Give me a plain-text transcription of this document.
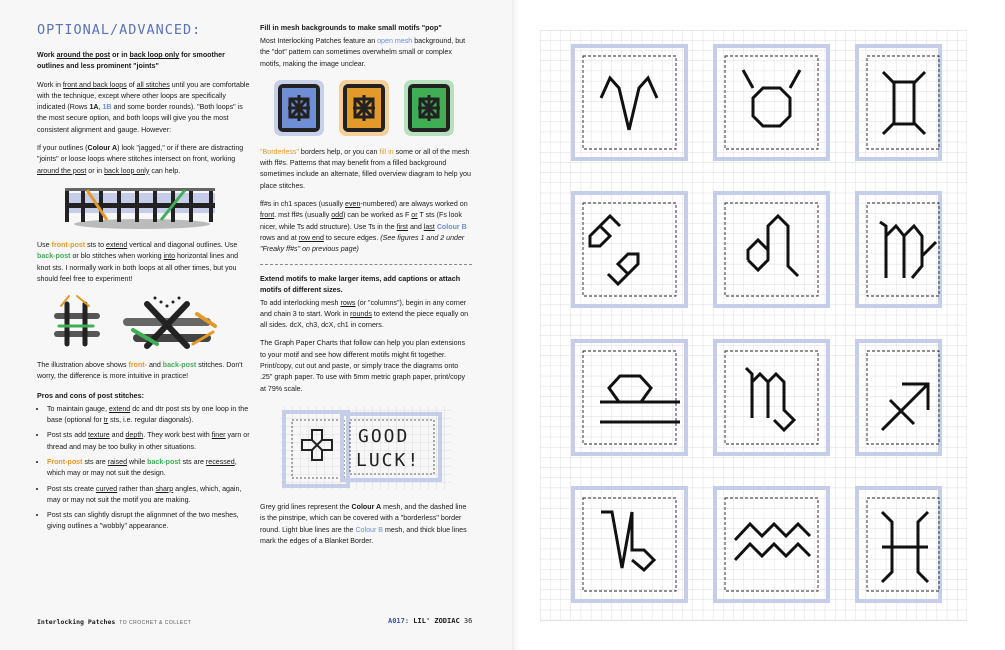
OPTIONAL/ADVANCED:

Work around the post or in back loop only for smoother outlines and less prominent "joints"

Work in front and back loops of all stitches until you are comfortable with the technique, except where other loops are specifically indicated (Rows 1A, 1B and some border rounds). "Both loops" is the most secure option, and both loops will give you the most consistent alignment and gauge. However:

If your outlines (Colour A) look "jagged," or if there are distracting "joints" or loose loops where stitches intersect on front, working around the post or in back loop only can help.

Use front-post sts to extend vertical and diagonal outlines. Use back-post or blo stitches when working into horizontal lines and knot sts. I normally work in both loops at all other times, but you should feel free to experiment!

The illustration above shows front- and back-post stitches. Don't worry, the difference is more intuitive in practice!

Pros and cons of post stitches:

• To maintain gauge, extend dc and dtr post sts by one loop in the base (optional for tr sts, i.e. regular diagonals).
• Post sts add texture and depth. They work best with finer yarn or thread and may be too bulky in other situations.
• Front-post sts are raised while back-post sts are recessed, which may or may not suit the design.
• Post sts create curved rather than sharp angles, which, again, may or may not suit the motif you are making.
• Post sts can slightly disrupt the alignmnet of the two meshes, giving outlines a "wobbly" appearance.

Fill in mesh backgrounds to make small motifs "pop"

Most Interlocking Patches feature an open mesh background, but the "dot" pattern can sometimes overwhelm small or complex motifs, making the image unclear.

"Borderless" borders help, or you can fill in some or all of the mesh with ff#s. Patterns that may benefit from a filled background sometimes include an alternate, filled overview diagram to help you place stitches.

ff#s in ch1 spaces (usually even-numbered) are always worked on front. mst ff#s (usually odd) can be worked as F or T sts (Fs look nicer, while Ts add structure). Use Ts in the first and last Colour B rows and at row end to secure edges. (See figures 1 and 2 under "Freaky ff#s" on previous page)

Extend motifs to make larger items, add captions or attach motifs of different sizes.

To add interlocking mesh rows (or "columns"), begin in any corner and chain 3 to start. Work in rounds to extend the piece equally on all sides. dcX, ch3, dcX, ch1 in corners.

The Graph Paper Charts that follow can help you plan extensions to your motif and see how different motifs might fit together. Print/copy, cut out and paste, or simply trace the diagrams onto .25" graph paper. To use with 5mm metric graph paper, print/copy at 79% scale.

GOOD
LUCK!

Grey grid lines represent the Colour A mesh, and the dashed line is the pinstripe, which can be covered with a "borderless" border round. Light blue lines are the Colour B mesh, and thick blue lines mark the edges of a Blanket Border.

Interlocking Patches TO CROCHET & COLLECT	A017: LIL' ZODIAC 36
